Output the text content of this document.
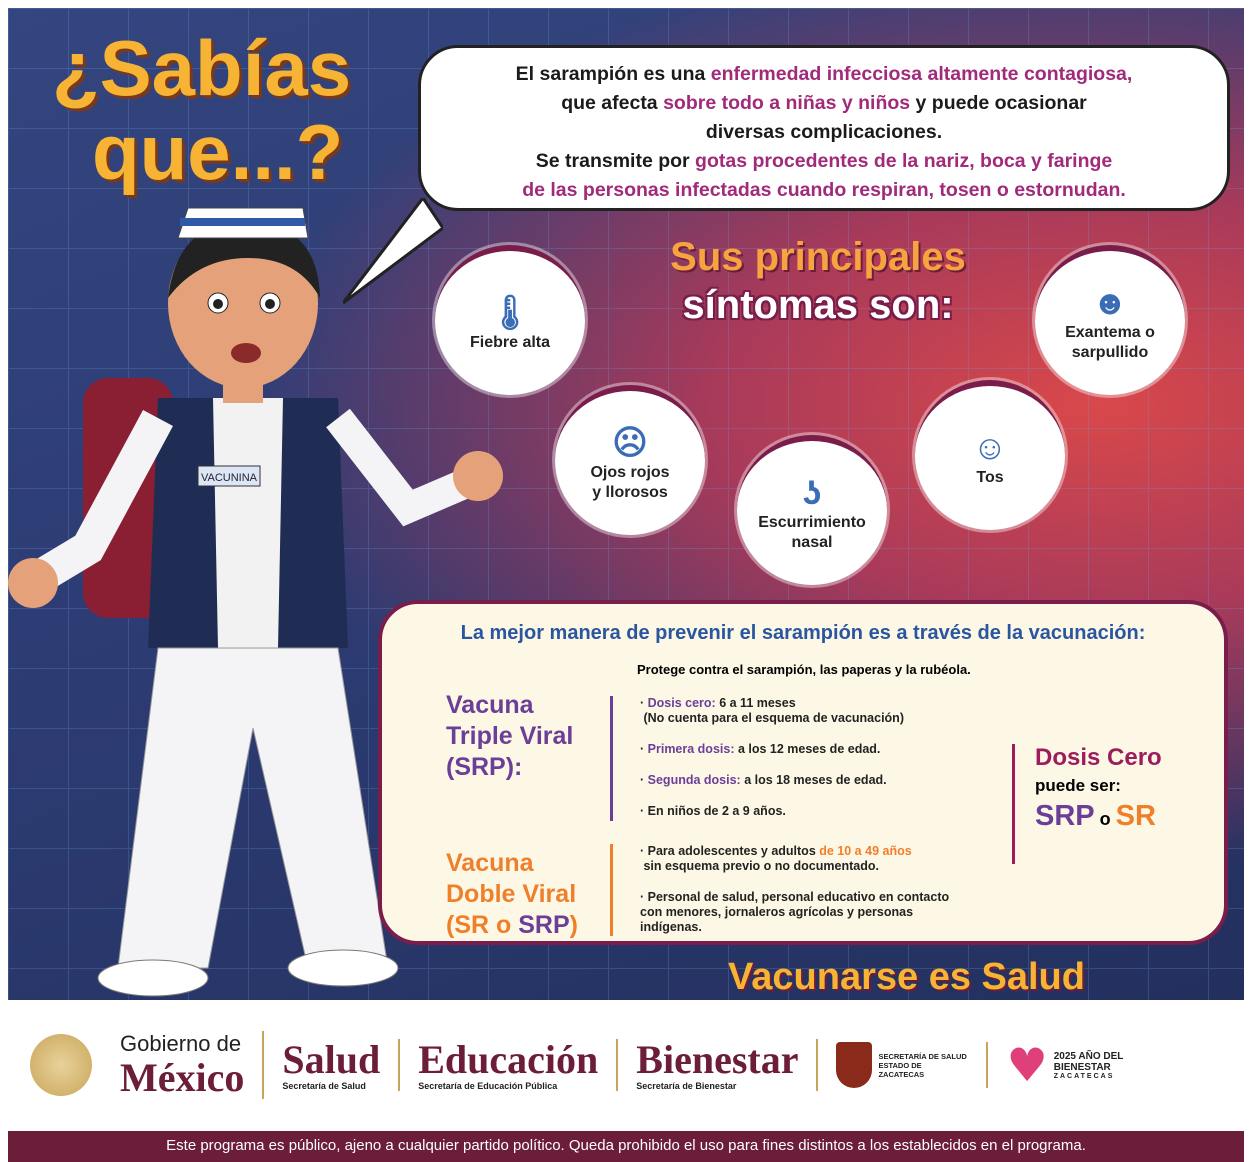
¿Sabías
que...?
VACUNINA
El sarampión es una enfermedad infecciosa altamente contagiosa,
que afecta sobre todo a niñas y niños y puede ocasionar
diversas complicaciones.
Se transmite por gotas procedentes de la nariz, boca y faringe
de las personas infectadas cuando respiran, tosen o estornudan.
Sus principales
síntomas son:
🌡
Fiebre alta
☹
Ojos rojos y llorosos	ʖ
Escurrimiento nasal
☺
Tos
☻
Exantema o sarpullido
La mejor manera de prevenir el sarampión es a través de la vacunación:
Protege contra el sarampión, las paperas y la rubéola.
Vacuna
Triple Viral
(SRP):
· Dosis cero: 6 a 11 meses
(No cuenta para el esquema de vacunación)
· Primera dosis: a los 12 meses de edad.
· Segunda dosis: a los 18 meses de edad.
· En niños de 2 a 9 años.
Vacuna
Doble Viral
(SR o SRP)
· Para adolescentes y adultos de 10 a 49 años
sin esquema previo o no documentado.
· Personal de salud, personal educativo en contacto con menores, jornaleros agrícolas y personas indígenas.
Dosis Cero
puede ser:
SRP o SR
Vacunarse es Salud
Gobierno de
México Salud
Secretaría de Salud
Educación
Secretaría de Educación Pública
Bienestar
Secretaría de Bienestar
SECRETARÍA DE SALUD ESTADO DE ZACATECAS	♥ 2025 AÑO DEL BIENESTAR
ZACATECAS
Este programa es público, ajeno a cualquier partido político. Queda prohibido el uso para fines distintos a los establecidos en el programa.
